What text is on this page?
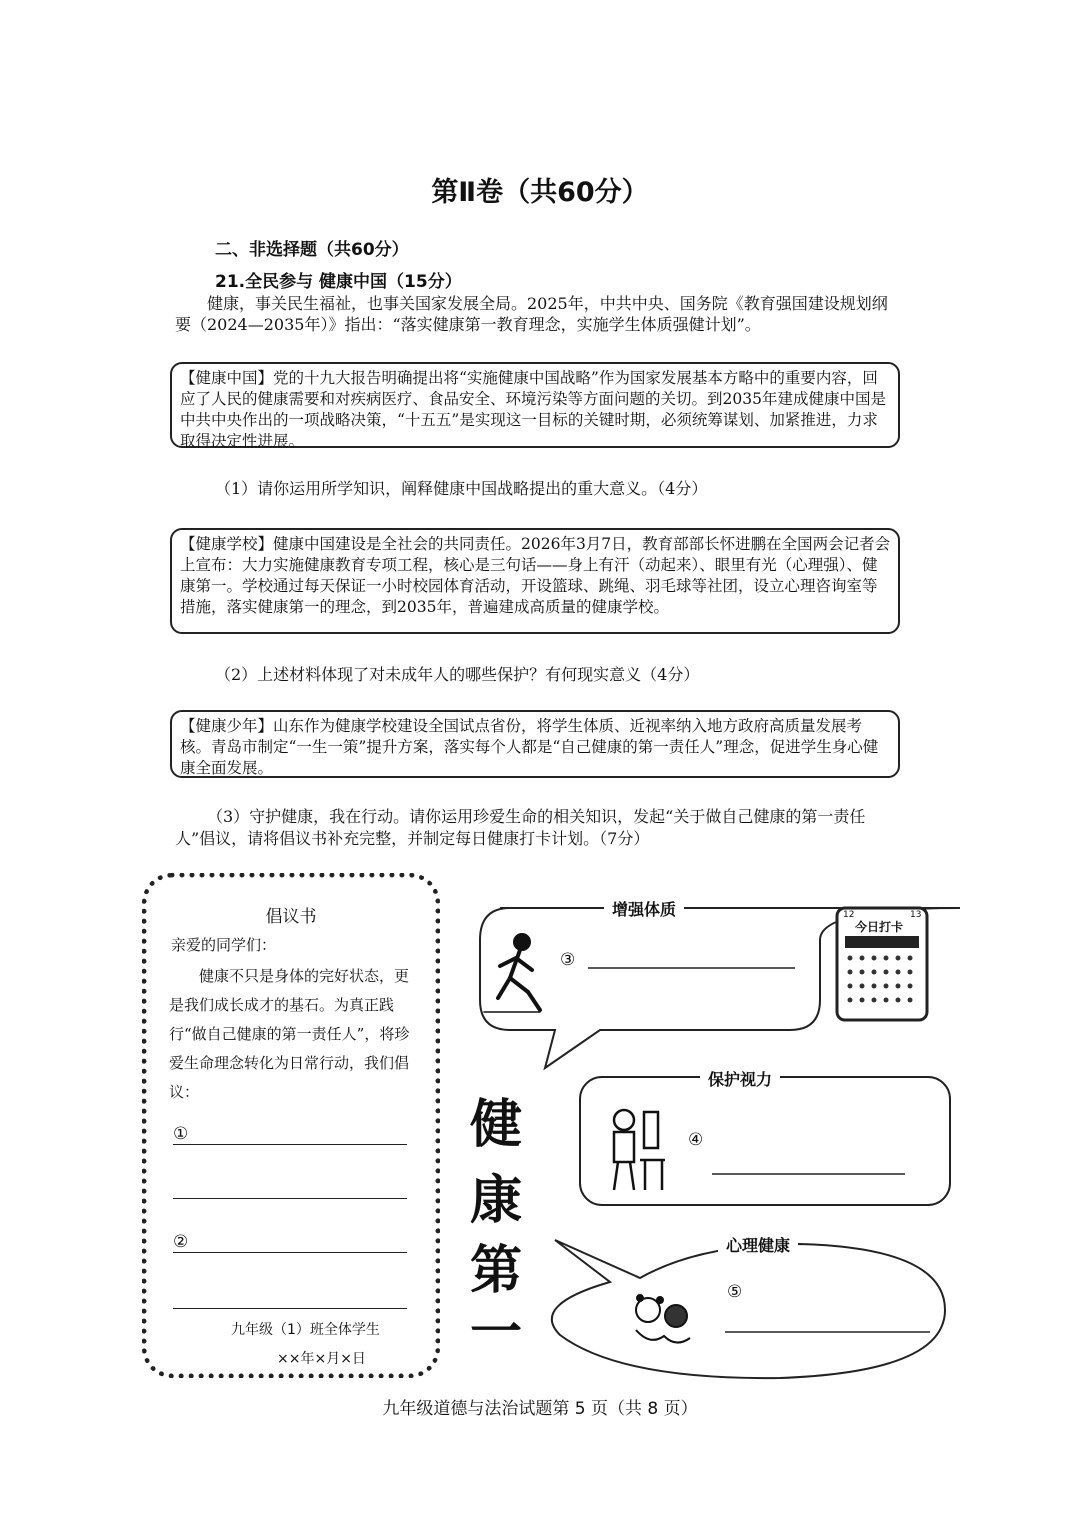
第Ⅱ卷（共60分）
二、非选择题（共60分）
21.全民参与 健康中国（15分）
健康，事关民生福祉，也事关国家发展全局。2025年，中共中央、国务院《教育强国建设规划纲要（2024—2035年）》指出：“落实健康第一教育理念，实施学生体质强健计划”。
【健康中国】党的十九大报告明确提出将“实施健康中国战略”作为国家发展基本方略中的重要内容，回应了人民的健康需要和对疾病医疗、食品安全、环境污染等方面问题的关切。到2035年建成健康中国是中共中央作出的一项战略决策，“十五五”是实现这一目标的关键时期，必须统筹谋划、加紧推进，力求取得决定性进展。
（1）请你运用所学知识，阐释健康中国战略提出的重大意义。（4分）
【健康学校】健康中国建设是全社会的共同责任。2026年3月7日，教育部部长怀进鹏在全国两会记者会上宣布：大力实施健康教育专项工程，核心是三句话——身上有汗（动起来）、眼里有光（心理强）、健康第一。学校通过每天保证一小时校园体育活动，开设篮球、跳绳、羽毛球等社团，设立心理咨询室等措施，落实健康第一的理念，到2035年，普遍建成高质量的健康学校。
（2）上述材料体现了对未成年人的哪些保护？有何现实意义（4分）
【健康少年】山东作为健康学校建设全国试点省份，将学生体质、近视率纳入地方政府高质量发展考核。青岛市制定“一生一策”提升方案，落实每个人都是“自己健康的第一责任人”理念，促进学生身心健康全面发展。
（3）守护健康，我在行动。请你运用珍爱生命的相关知识，发起“关于做自己健康的第一责任人”倡议，请将倡议书补充完整，并制定每日健康打卡计划。（7分）
倡议书
亲爱的同学们：
健康不只是身体的完好状态，更是我们成长成才的基石。为真正践行“做自己健康的第一责任人”，将珍爱生命理念转化为日常行动，我们倡议：
①
②
九年级（1）班全体学生
××年×月×日
增强体质
③
保护视力
④
心理健康
⑤
12	13
今日打卡
健
康
第
一
九年级道德与法治试题第 5 页（共 8 页）
